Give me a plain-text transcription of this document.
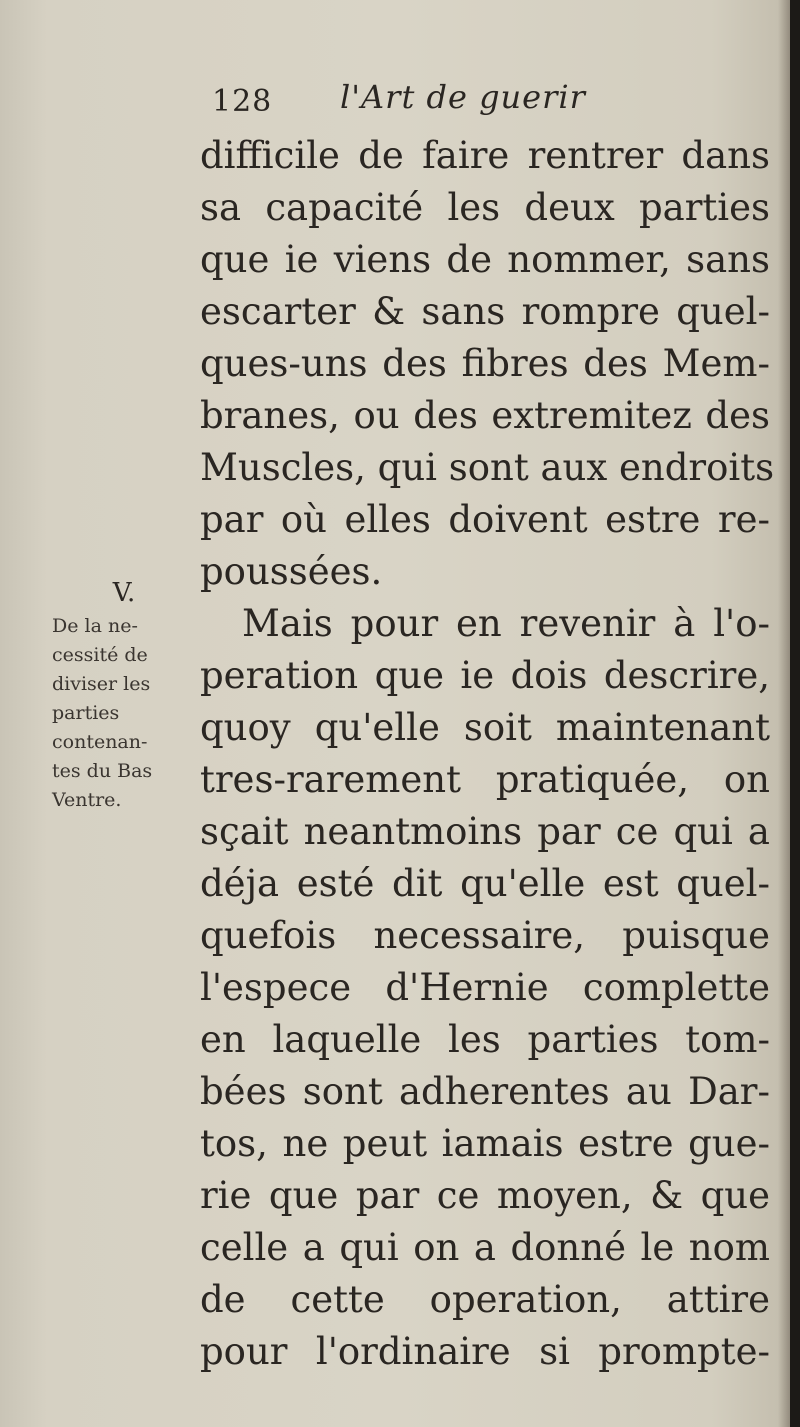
128 l'Art de guerir
V.
De la ne-
cessité de
diviser les
parties
contenan-
tes du Bas
Ventre.
difficile de faire rentrer dans
sa capacité les deux parties
que ie viens de nommer, sans
escarter & sans rompre quel-
ques-uns des fibres des Mem-
branes, ou des extremitez des
Muscles, qui sont aux endroits
par où elles doivent estre re-
poussées.
Mais pour en revenir à l'o-
peration que ie dois descrire,
quoy qu'elle soit maintenant
tres-rarement pratiquée, on
sçait neantmoins par ce qui a
déja esté dit qu'elle est quel-
quefois necessaire, puisque
l'espece d'Hernie complette
en laquelle les parties tom-
bées sont adherentes au Dar-
tos, ne peut iamais estre gue-
rie que par ce moyen, & que
celle a qui on a donné le nom
de cette operation, attire
pour l'ordinaire si prompte-
